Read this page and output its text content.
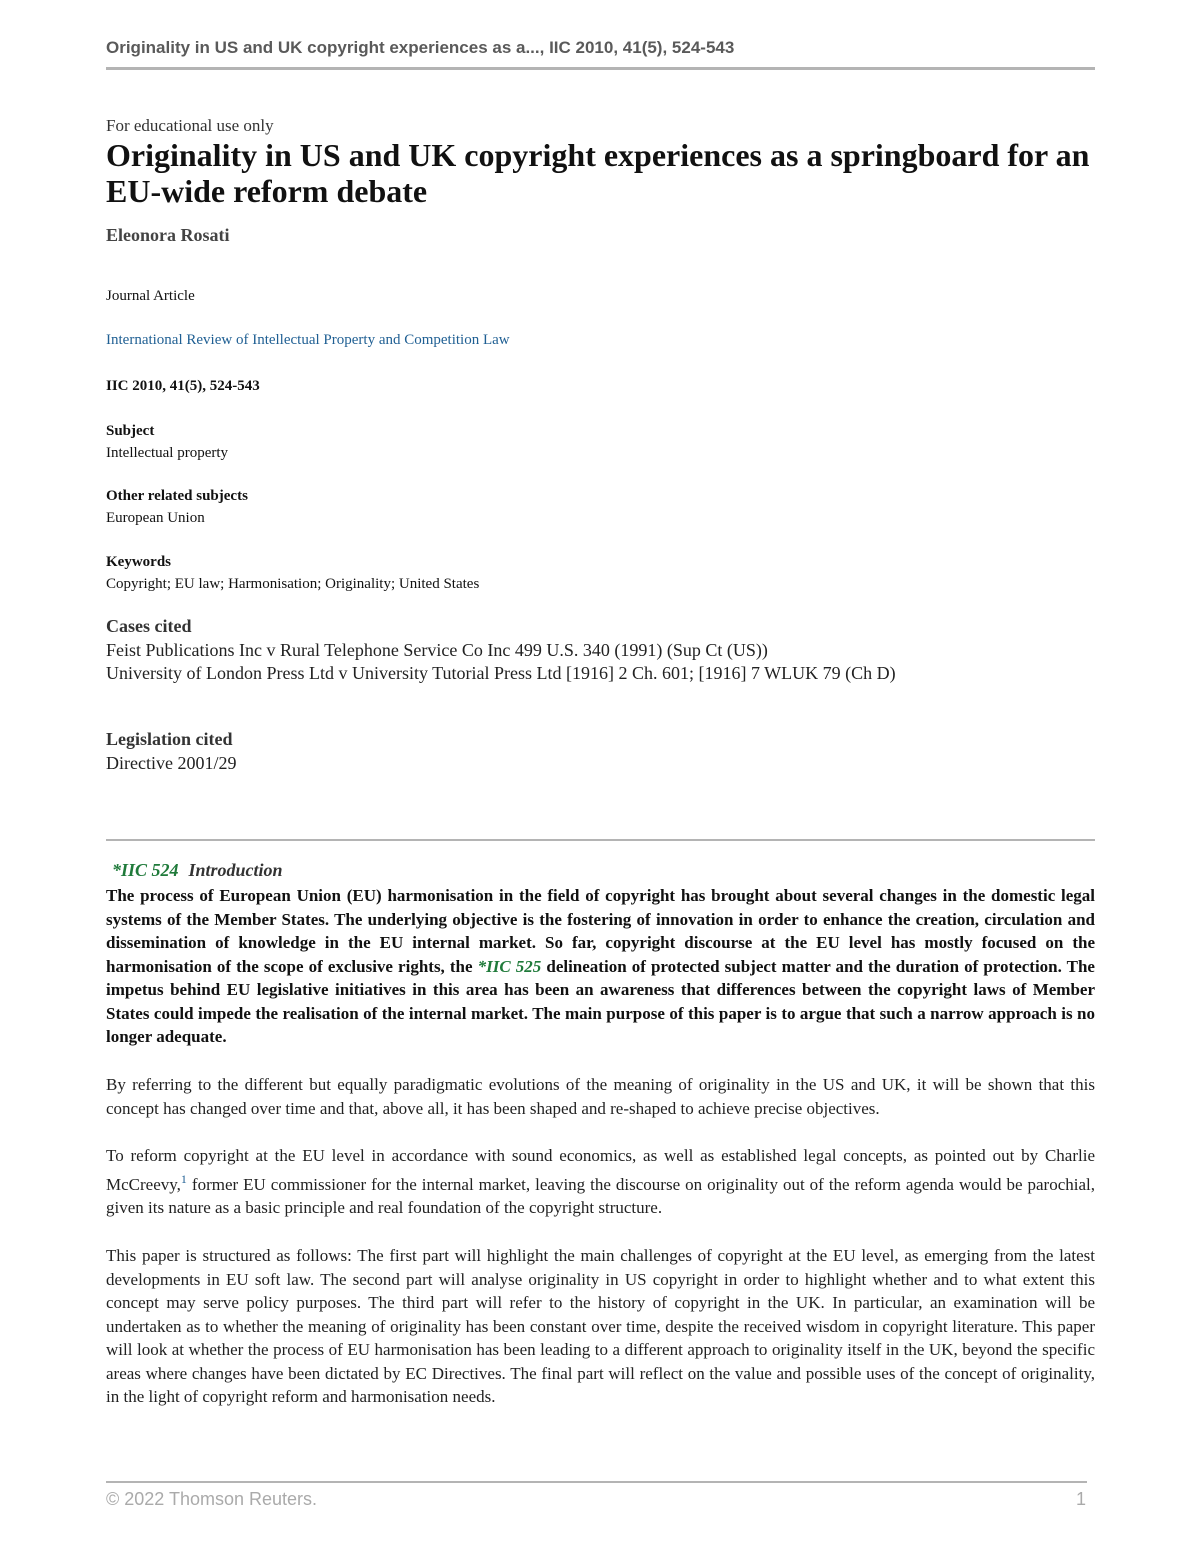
Originality in US and UK copyright experiences as a..., IIC 2010, 41(5), 524-543
For educational use only
Originality in US and UK copyright experiences as a springboard for an EU-wide reform debate
Eleonora Rosati
Journal Article
International Review of Intellectual Property and Competition Law
IIC 2010, 41(5), 524-543
Subject
Intellectual property
Other related subjects
European Union
Keywords
Copyright; EU law; Harmonisation; Originality; United States
Cases cited
Feist Publications Inc v Rural Telephone Service Co Inc 499 U.S. 340 (1991) (Sup Ct (US))
University of London Press Ltd v University Tutorial Press Ltd [1916] 2 Ch. 601; [1916] 7 WLUK 79 (Ch D)
Legislation cited
Directive 2001/29
*IIC 524 Introduction

The process of European Union (EU) harmonisation in the field of copyright has brought about several changes in the domestic legal systems of the Member States. The underlying objective is the fostering of innovation in order to enhance the creation, circulation and dissemination of knowledge in the EU internal market. So far, copyright discourse at the EU level has mostly focused on the harmonisation of the scope of exclusive rights, the *IIC 525 delineation of protected subject matter and the duration of protection. The impetus behind EU legislative initiatives in this area has been an awareness that differences between the copyright laws of Member States could impede the realisation of the internal market. The main purpose of this paper is to argue that such a narrow approach is no longer adequate.

By referring to the different but equally paradigmatic evolutions of the meaning of originality in the US and UK, it will be shown that this concept has changed over time and that, above all, it has been shaped and re-shaped to achieve precise objectives.

To reform copyright at the EU level in accordance with sound economics, as well as established legal concepts, as pointed out by Charlie McCreevy,$^1$ former EU commissioner for the internal market, leaving the discourse on originality out of the reform agenda would be parochial, given its nature as a basic principle and real foundation of the copyright structure.

This paper is structured as follows: The first part will highlight the main challenges of copyright at the EU level, as emerging from the latest developments in EU soft law. The second part will analyse originality in US copyright in order to highlight whether and to what extent this concept may serve policy purposes. The third part will refer to the history of copyright in the UK. In particular, an examination will be undertaken as to whether the meaning of originality has been constant over time, despite the received wisdom in copyright literature. This paper will look at whether the process of EU harmonisation has been leading to a different approach to originality itself in the UK, beyond the specific areas where changes have been dictated by EC Directives. The final part will reflect on the value and possible uses of the concept of originality, in the light of copyright reform and harmonisation needs.

© 2022 Thomson Reuters.	1
